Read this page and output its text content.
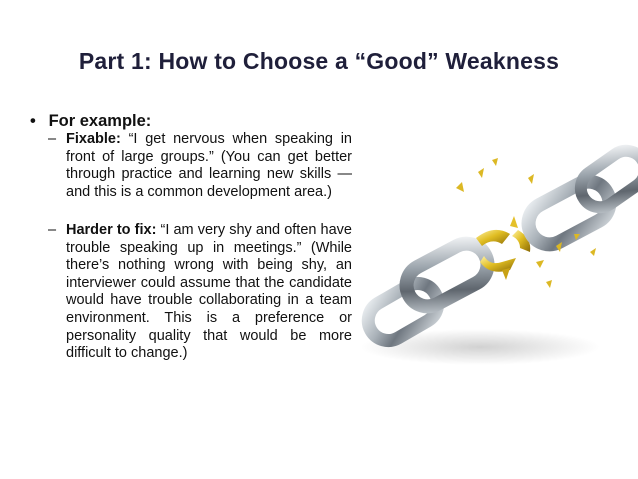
Part 1: How to Choose a “Good” Weakness
• For example:
– Fixable: “I get nervous when speaking in front of large groups.” (You can get better through practice and learning new skills — and this is a common development area.)
– Harder to fix: “I am very shy and often have trouble speaking up in meetings.” (While there’s nothing wrong with being shy, an interviewer could assume that the candidate would have trouble collaborating in a team environment. This is a preference or personality quality that would be more difficult to change.)
